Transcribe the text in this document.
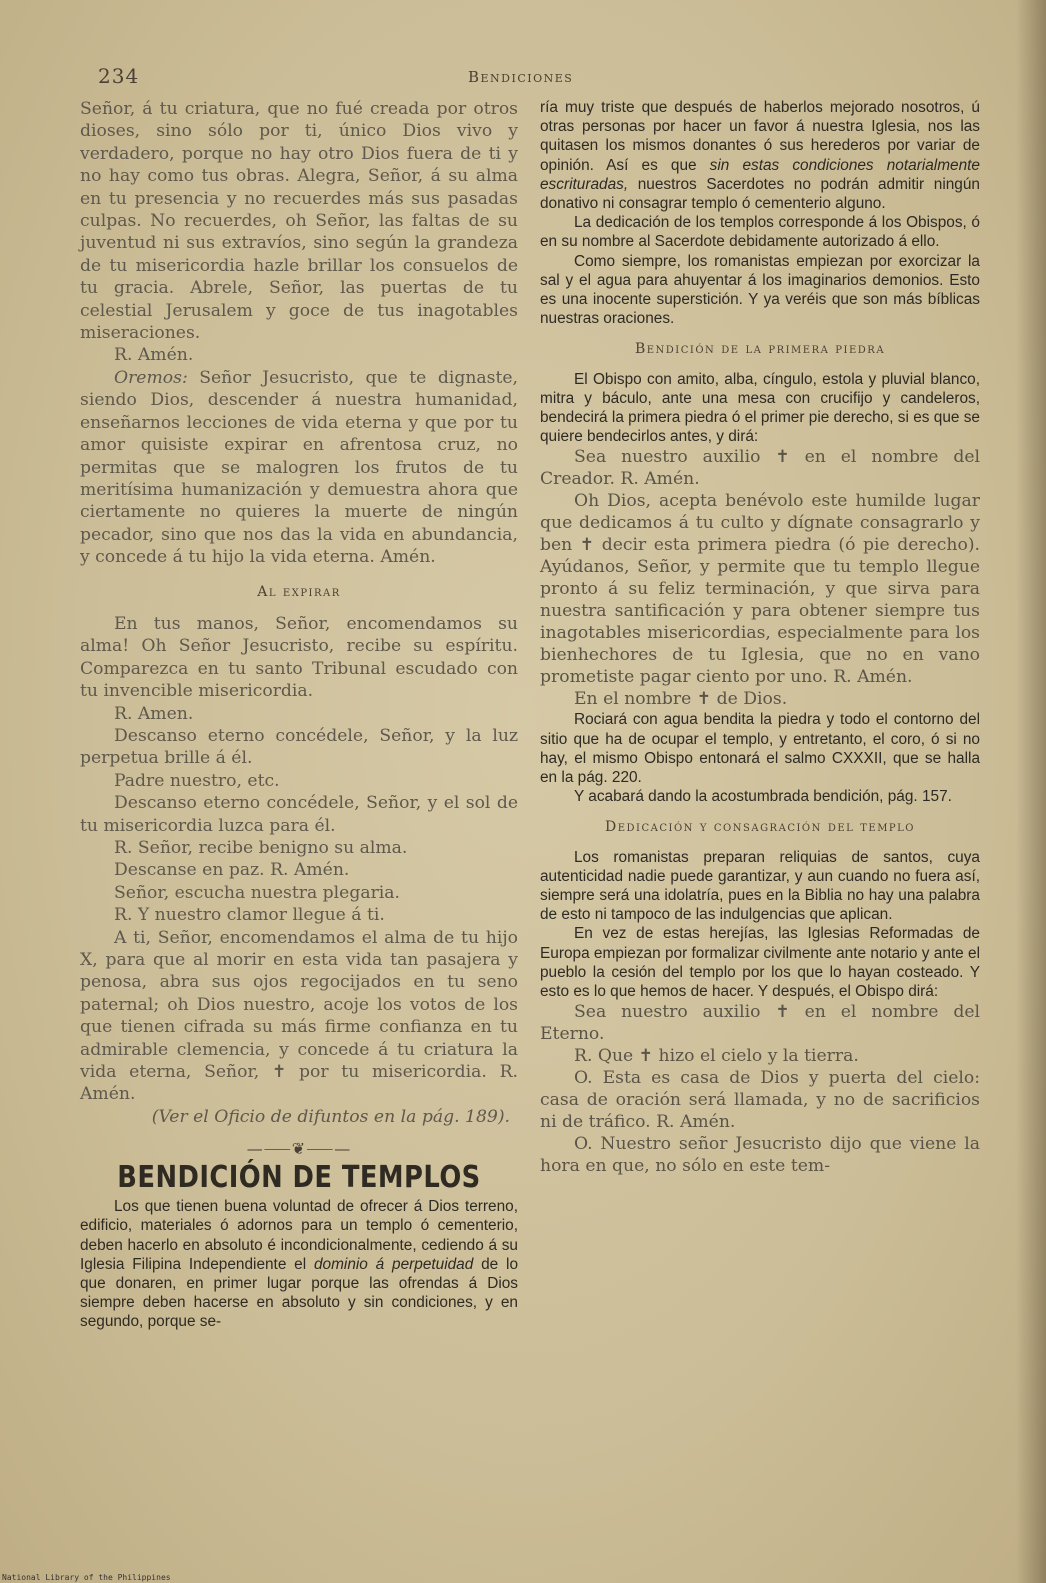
234	Bendiciones

Señor, á tu criatura, que no fué creada por otros dioses, sino sólo por ti, único Dios vivo y verdadero, porque no hay otro Dios fuera de ti y no hay como tus obras. Alegra, Señor, á su alma en tu presencia y no recuerdes más sus pasadas culpas. No recuerdes, oh Señor, las faltas de su juventud ni sus extravíos, sino según la grandeza de tu misericordia hazle brillar los consuelos de tu gracia. Abrele, Señor, las puertas de tu celestial Jerusalem y goce de tus inagotables miseraciones.

R. Amén.

Oremos: Señor Jesucristo, que te dignaste, siendo Dios, descender á nuestra humanidad, enseñarnos lecciones de vida eterna y que por tu amor quisiste expirar en afrentosa cruz, no permitas que se malogren los frutos de tu meritísima humanización y demuestra ahora que ciertamente no quieres la muerte de ningún pecador, sino que nos das la vida en abundancia, y concede á tu hijo la vida eterna. Amén.

Al expirar

En tus manos, Señor, encomendamos su alma! Oh Señor Jesucristo, recibe su espíritu. Comparezca en tu santo Tribunal escudado con tu invencible misericordia.

R. Amen.

Descanso eterno concédele, Señor, y la luz perpetua brille á él.

Padre nuestro, etc.

Descanso eterno concédele, Señor, y el sol de tu misericordia luzca para él.

R. Señor, recibe benigno su alma.

Descanse en paz. R. Amén.

Señor, escucha nuestra plegaria.

R. Y nuestro clamor llegue á ti.

A ti, Señor, encomendamos el alma de tu hijo X, para que al morir en esta vida tan pasajera y penosa, abra sus ojos regocijados en tu seno paternal; oh Dios nuestro, acoje los votos de los que tienen cifrada su más firme confianza en tu admirable clemencia, y concede á tu criatura la vida eterna, Señor, ✝ por tu misericordia. R. Amén.

(Ver el Oficio de difuntos en la pág. 189).

—⸺❦⸺—
BENDICIÓN DE TEMPLOS

Los que tienen buena voluntad de ofrecer á Dios terreno, edificio, materiales ó adornos para un templo ó cementerio, deben hacerlo en absoluto é incondicionalmente, cediendo á su Iglesia Filipina Independiente el dominio á perpetuidad de lo que donaren, en primer lugar porque las ofrendas á Dios siempre deben hacerse en absoluto y sin condiciones, y en segundo, porque se-

ría muy triste que después de haberlos mejorado nosotros, ú otras personas por hacer un favor á nuestra Iglesia, nos las quitasen los mismos donantes ó sus herederos por variar de opinión. Así es que sin estas condiciones notarialmente escrituradas, nuestros Sacerdotes no podrán admitir ningún donativo ni consagrar templo ó cementerio alguno.

La dedicación de los templos corresponde á los Obispos, ó en su nombre al Sacerdote debidamente autorizado á ello.

Como siempre, los romanistas empiezan por exorcizar la sal y el agua para ahuyentar á los imaginarios demonios. Esto es una inocente superstición. Y ya veréis que son más bíblicas nuestras oraciones.

Bendición de la primera piedra

El Obispo con amito, alba, cíngulo, estola y pluvial blanco, mitra y báculo, ante una mesa con crucifijo y candeleros, bendecirá la primera piedra ó el primer pie derecho, si es que se quiere bendecirlos antes, y dirá:

Sea nuestro auxilio ✝ en el nombre del Creador. R. Amén.

Oh Dios, acepta benévolo este humilde lugar que dedicamos á tu culto y dígnate consagrarlo y ben ✝ decir esta primera piedra (ó pie derecho). Ayúdanos, Señor, y permite que tu templo llegue pronto á su feliz terminación, y que sirva para nuestra santificación y para obtener siempre tus inagotables misericordias, especialmente para los bienhechores de tu Iglesia, que no en vano prometiste pagar ciento por uno. R. Amén.

En el nombre ✝ de Dios.

Rociará con agua bendita la piedra y todo el contorno del sitio que ha de ocupar el templo, y entretanto, el coro, ó si no hay, el mismo Obispo entonará el salmo CXXXII, que se halla en la pág. 220.

Y acabará dando la acostumbrada bendición, pág. 157.

Dedicación y consagración del templo

Los romanistas preparan reliquias de santos, cuya autenticidad nadie puede garantizar, y aun cuando no fuera así, siempre será una idolatría, pues en la Biblia no hay una palabra de esto ni tampoco de las indulgencias que aplican.

En vez de estas herejías, las Iglesias Reformadas de Europa empiezan por formalizar civilmente ante notario y ante el pueblo la cesión del templo por los que lo hayan costeado. Y esto es lo que hemos de hacer. Y después, el Obispo dirá:

Sea nuestro auxilio ✝ en el nombre del Eterno.

R. Que ✝ hizo el cielo y la tierra.

O. Esta es casa de Dios y puerta del cielo: casa de oración será llamada, y no de sacrificios ni de tráfico. R. Amén.

O. Nuestro señor Jesucristo dijo que viene la hora en que, no sólo en este tem-

National Library of the Philippines
